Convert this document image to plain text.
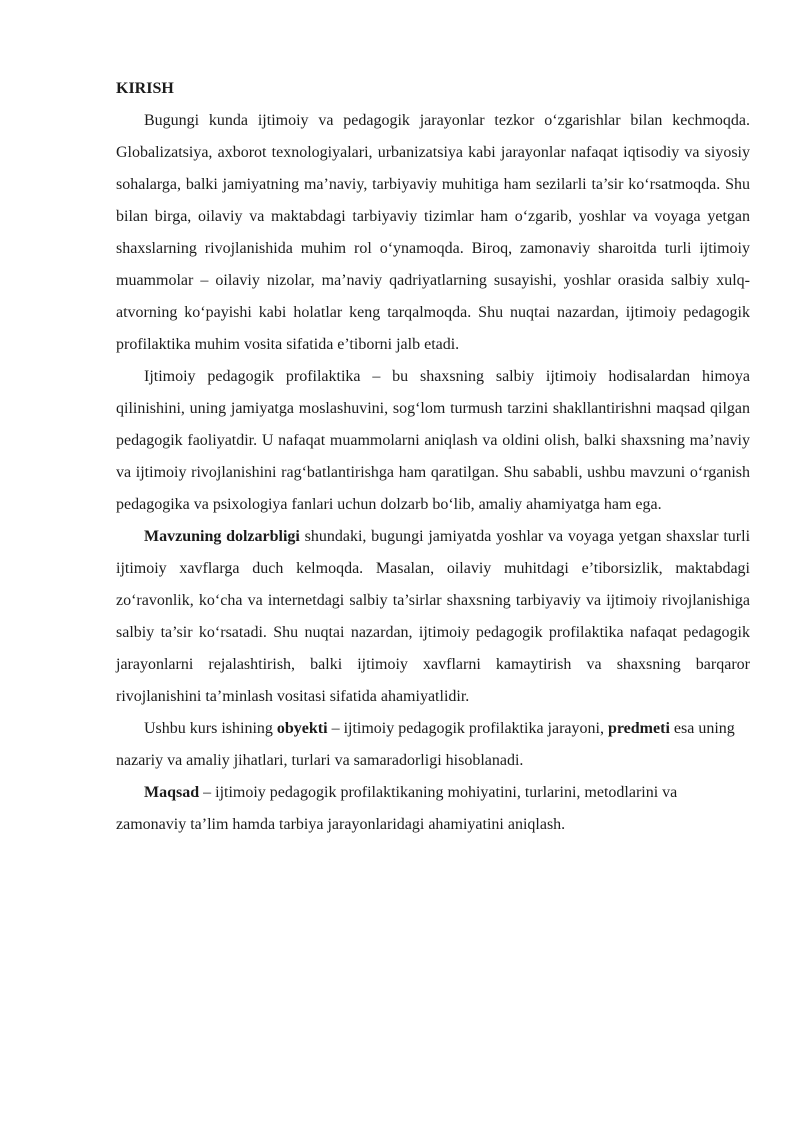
KIRISH

Bugungi kunda ijtimoiy va pedagogik jarayonlar tezkor o‘zgarishlar bilan kechmoqda. Globalizatsiya, axborot texnologiyalari, urbanizatsiya kabi jarayonlar nafaqat iqtisodiy va siyosiy sohalarga, balki jamiyatning ma’naviy, tarbiyaviy muhitiga ham sezilarli ta’sir ko‘rsatmoqda. Shu bilan birga, oilaviy va maktabdagi tarbiyaviy tizimlar ham o‘zgarib, yoshlar va voyaga yetgan shaxslarning rivojlanishida muhim rol o‘ynamoqda. Biroq, zamonaviy sharoitda turli ijtimoiy muammolar – oilaviy nizolar, ma’naviy qadriyatlarning susayishi, yoshlar orasida salbiy xulq-atvorning ko‘payishi kabi holatlar keng tarqalmoqda. Shu nuqtai nazardan, ijtimoiy pedagogik profilaktika muhim vosita sifatida e’tiborni jalb etadi.

Ijtimoiy pedagogik profilaktika – bu shaxsning salbiy ijtimoiy hodisalardan himoya qilinishini, uning jamiyatga moslashuvini, sog‘lom turmush tarzini shakllantirishni maqsad qilgan pedagogik faoliyatdir. U nafaqat muammolarni aniqlash va oldini olish, balki shaxsning ma’naviy va ijtimoiy rivojlanishini rag‘batlantirishga ham qaratilgan. Shu sababli, ushbu mavzuni o‘rganish pedagogika va psixologiya fanlari uchun dolzarb bo‘lib, amaliy ahamiyatga ham ega.

Mavzuning dolzarbligi shundaki, bugungi jamiyatda yoshlar va voyaga yetgan shaxslar turli ijtimoiy xavflarga duch kelmoqda. Masalan, oilaviy muhitdagi e’tiborsizlik, maktabdagi zo‘ravonlik, ko‘cha va internetdagi salbiy ta’sirlar shaxsning tarbiyaviy va ijtimoiy rivojlanishiga salbiy ta’sir ko‘rsatadi. Shu nuqtai nazardan, ijtimoiy pedagogik profilaktika nafaqat pedagogik jarayonlarni rejalashtirish, balki ijtimoiy xavflarni kamaytirish va shaxsning barqaror rivojlanishini ta’minlash vositasi sifatida ahamiyatlidir.

Ushbu kurs ishining obyekti – ijtimoiy pedagogik profilaktika jarayoni, predmeti esa uning nazariy va amaliy jihatlari, turlari va samaradorligi hisoblanadi.

Maqsad – ijtimoiy pedagogik profilaktikaning mohiyatini, turlarini, metodlarini va zamonaviy ta’lim hamda tarbiya jarayonlaridagi ahamiyatini aniqlash.
